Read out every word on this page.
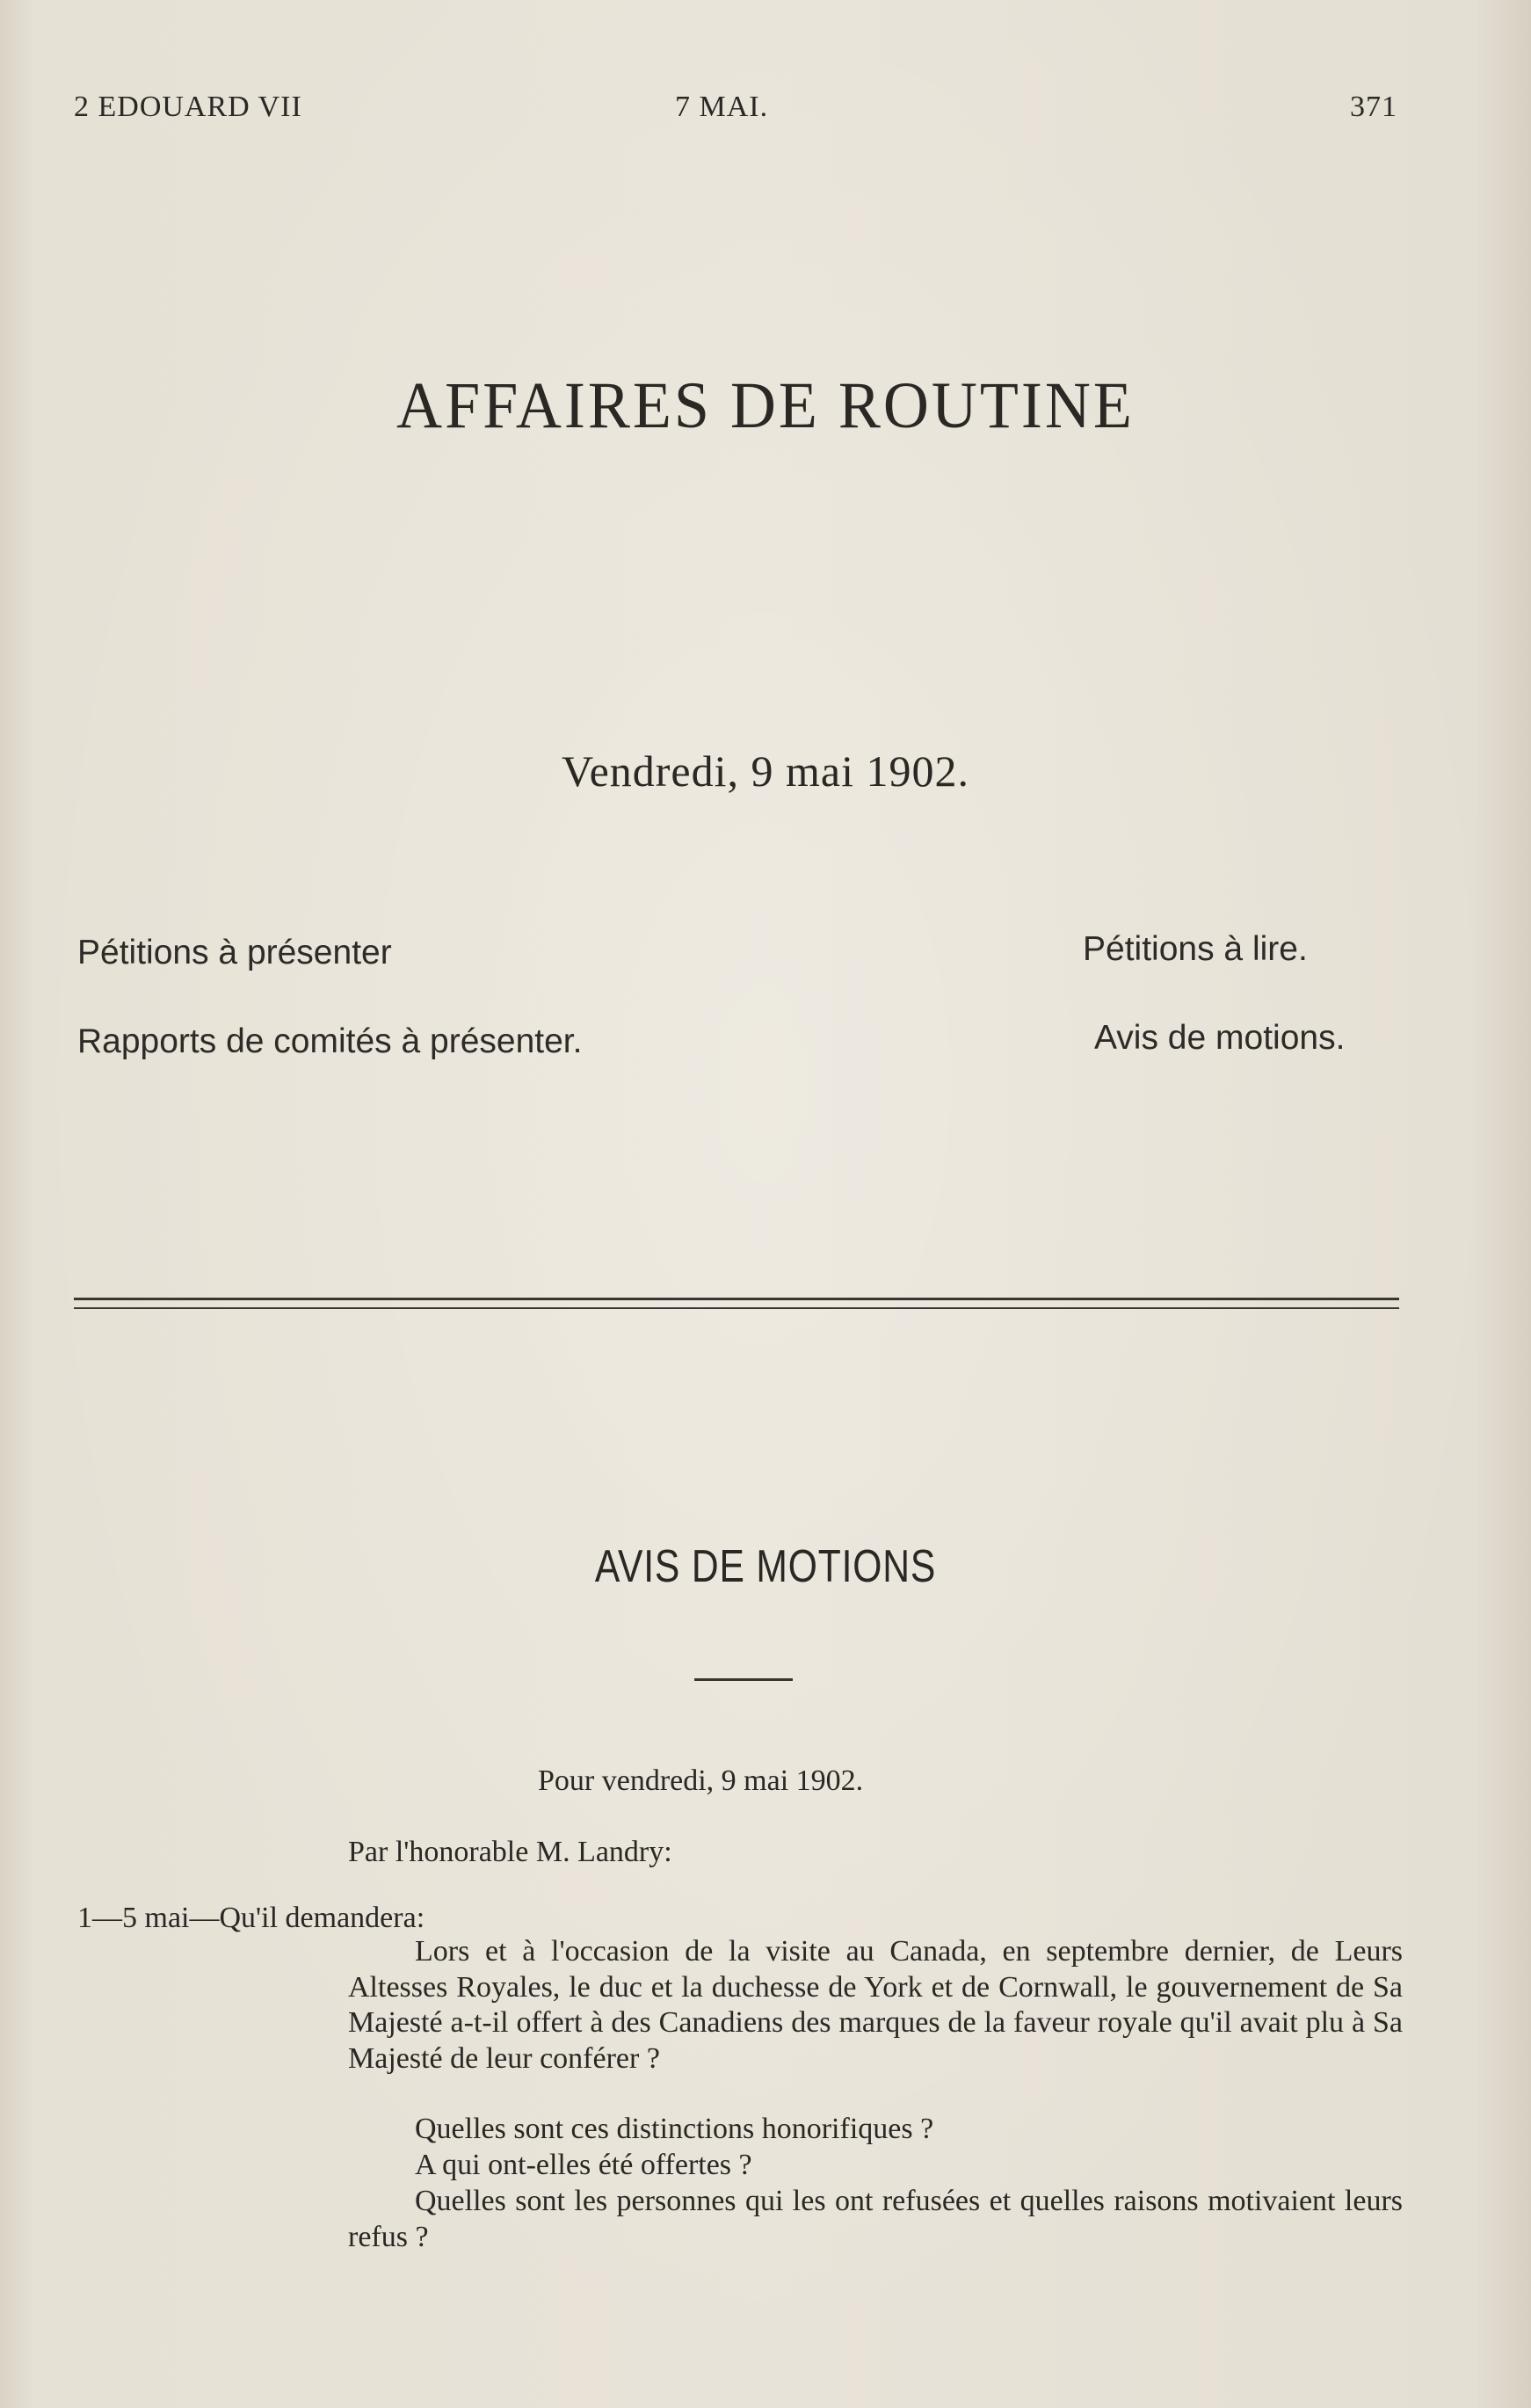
2 EDOUARD VII	7 MAI.	371
AFFAIRES DE ROUTINE
Vendredi, 9 mai 1902.
Pétitions à présenter	Pétitions à lire.
Rapports de comités à présenter.	Avis de motions.
AVIS DE MOTIONS
Pour vendredi, 9 mai 1902.
Par l'honorable M. Landry:
1—5 mai—Qu'il demandera:
Lors et à l'occasion de la visite au Canada, en septembre dernier, de Leurs Altesses Royales, le duc et la duchesse de York et de Cornwall, le gouvernement de Sa Majesté a-t-il offert à des Canadiens des marques de la faveur royale qu'il avait plu à Sa Majesté de leur conférer ?
Quelles sont ces distinctions honorifiques ?
A qui ont-elles été offertes ?
Quelles sont les personnes qui les ont refusées et quelles raisons motivaient leurs refus ?
